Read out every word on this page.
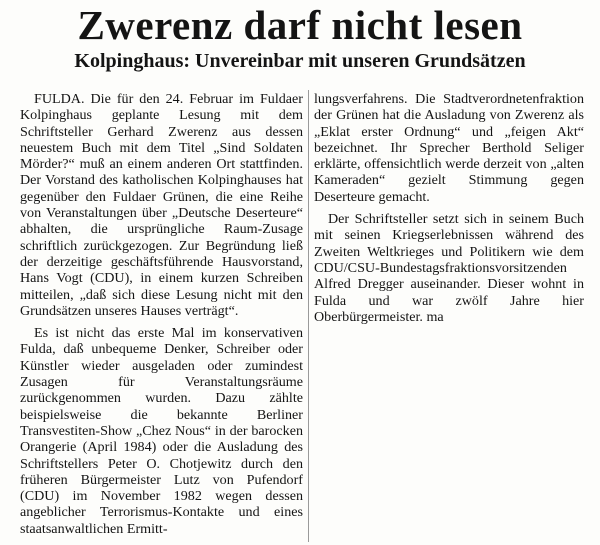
Zwerenz darf nicht lesen
Kolpinghaus: Unvereinbar mit unseren Grundsätzen

FULDA. Die für den 24. Februar im Fuldaer Kolpinghaus geplante Lesung mit dem Schriftsteller Gerhard Zwerenz aus dessen neuestem Buch mit dem Titel „Sind Soldaten Mörder?“ muß an einem anderen Ort stattfinden. Der Vorstand des katholischen Kolpinghauses hat gegenüber den Fuldaer Grünen, die eine Reihe von Veranstaltungen über „Deutsche Deserteure“ abhalten, die ursprüngliche Raum-Zusage schriftlich zurückgezogen. Zur Begründung ließ der derzeitige geschäftsführende Hausvorstand, Hans Vogt (CDU), in einem kurzen Schreiben mitteilen, „daß sich diese Lesung nicht mit den Grundsätzen unseres Hauses verträgt“.

Es ist nicht das erste Mal im konservativen Fulda, daß unbequeme Denker, Schreiber oder Künstler wieder ausgeladen oder zumindest Zusagen für Veranstaltungsräume zurückgenommen wurden. Dazu zählte beispielsweise die bekannte Berliner Transvestiten-Show „Chez Nous“ in der barocken Orangerie (April 1984) oder die Ausladung des Schriftstellers Peter O. Chotjewitz durch den früheren Bürgermeister Lutz von Pufendorf (CDU) im November 1982 wegen dessen angeblicher Terrorismus-Kontakte und eines staatsanwaltlichen Ermitt-

lungsverfahrens. Die Stadtverordnetenfraktion der Grünen hat die Ausladung von Zwerenz als „Eklat erster Ordnung“ und „feigen Akt“ bezeichnet. Ihr Sprecher Berthold Seliger erklärte, offensichtlich werde derzeit von „alten Kameraden“ gezielt Stimmung gegen Deserteure gemacht.

Der Schriftsteller setzt sich in seinem Buch mit seinen Kriegserlebnissen während des Zweiten Weltkrieges und Politikern wie dem CDU/CSU-Bundestagsfraktionsvorsitzenden Alfred Dregger auseinander. Dieser wohnt in Fulda und war zwölf Jahre hier Oberbürgermeister. ma
